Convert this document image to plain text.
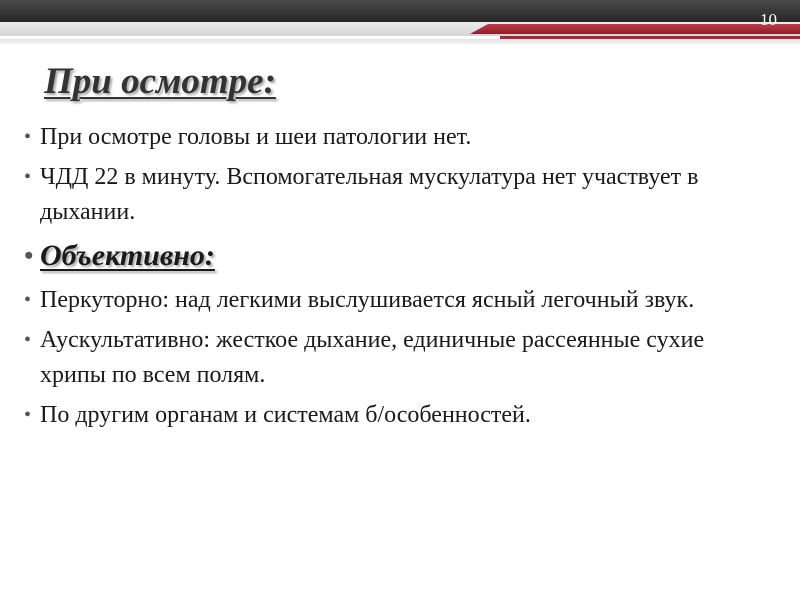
10
При осмотре:
• При осмотре головы и шеи патологии нет.
• ЧДД 22 в минуту. Вспомогательная мускулатура нет участвует в дыхании.
• Объективно:
• Перкуторно: над легкими выслушивается ясный легочный звук.
• Аускультативно: жесткое дыхание, единичные рассеянные сухие хрипы по всем полям.
• По другим органам и системам б/особенностей.
